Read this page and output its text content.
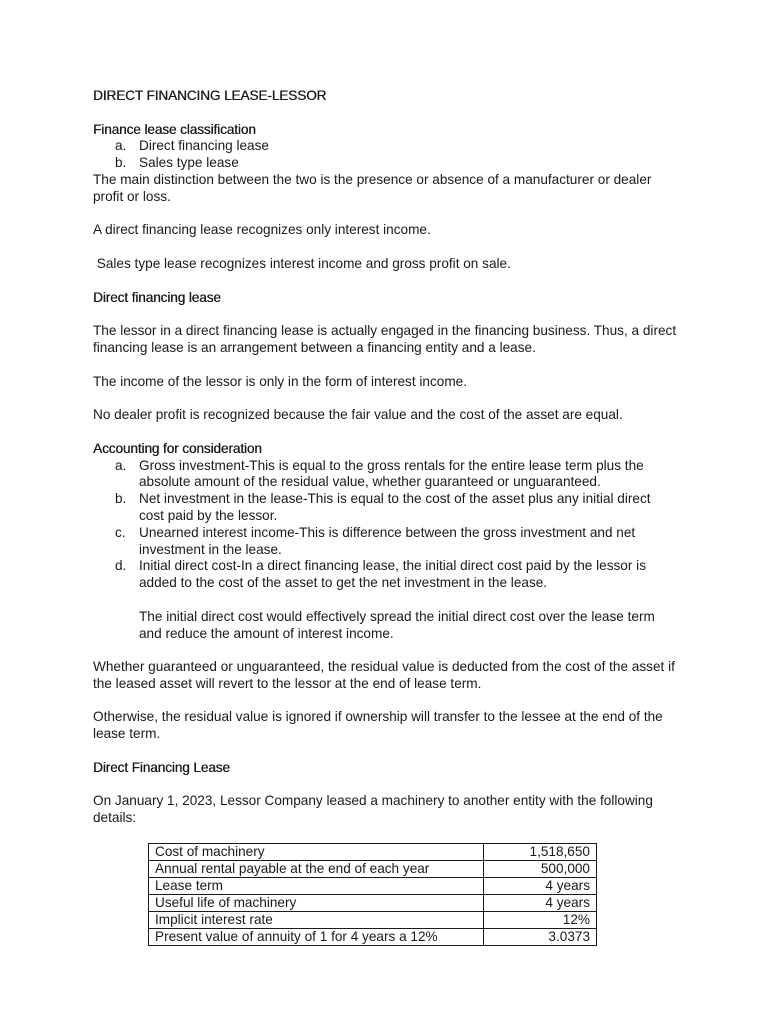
DIRECT FINANCING LEASE-LESSOR

Finance lease classification

a. Direct financing lease
b. Sales type lease

The main distinction between the two is the presence or absence of a manufacturer or dealer profit or loss.

A direct financing lease recognizes only interest income.

Sales type lease recognizes interest income and gross profit on sale.

Direct financing lease

The lessor in a direct financing lease is actually engaged in the financing business. Thus, a direct financing lease is an arrangement between a financing entity and a lease.

The income of the lessor is only in the form of interest income.

No dealer profit is recognized because the fair value and the cost of the asset are equal.

Accounting for consideration

a. Gross investment-This is equal to the gross rentals for the entire lease term plus the absolute amount of the residual value, whether guaranteed or unguaranteed.
b. Net investment in the lease-This is equal to the cost of the asset plus any initial direct cost paid by the lessor.
c. Unearned interest income-This is difference between the gross investment and net investment in the lease.
d. Initial direct cost-In a direct financing lease, the initial direct cost paid by the lessor is added to the cost of the asset to get the net investment in the lease.

The initial direct cost would effectively spread the initial direct cost over the lease term and reduce the amount of interest income.

Whether guaranteed or unguaranteed, the residual value is deducted from the cost of the asset if the leased asset will revert to the lessor at the end of lease term.

Otherwise, the residual value is ignored if ownership will transfer to the lessee at the end of the lease term.

Direct Financing Lease

On January 1, 2023, Lessor Company leased a machinery to another entity with the following details:

Cost of machinery	1,518,650
Annual rental payable at the end of each year	500,000
Lease term	4 years
Useful life of machinery	4 years
Implicit interest rate	12%
Present value of annuity of 1 for 4 years a 12%	3.0373
